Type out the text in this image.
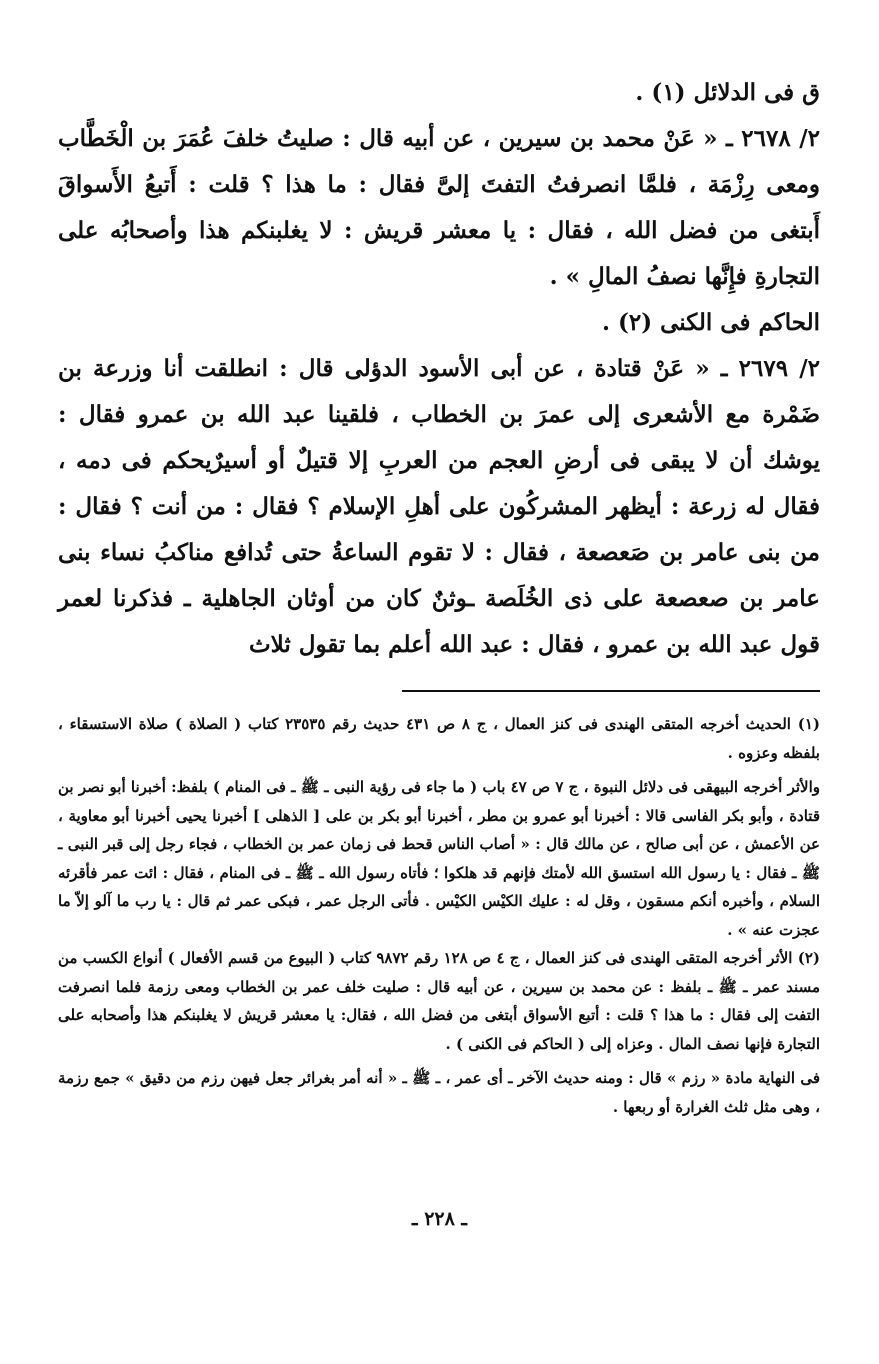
ق فى الدلائل (١) .

٢/ ٢٦٧٨ ـ « عَنْ محمد بن سيرين ، عن أبيه قال : صليتُ خلفَ عُمَرَ بن الْخَطَّاب ومعى رِزْمَة ، فلمَّا انصرفتُ التفتَ إلىَّ فقال : ما هذا ؟ قلت : أَتبعُ الأَسواقَ أَبتغى من فضل الله ، فقال : يا معشر قريش : لا يغلبنكم هذا وأصحابُه على التجارةِ فإِنَّها نصفُ المالِ » .

الحاكم فى الكنى (٢) .

٢/ ٢٦٧٩ ـ « عَنْ قتادة ، عن أبى الأسود الدؤلى قال : انطلقت أنا وزرعة بن ضَمْرة مع الأشعرى إلى عمرَ بن الخطاب ، فلقينا عبد الله بن عمرو فقال : يوشك أن لا يبقى فى أرضِ العجم من العربِ إلا قتيلٌ أو أسيرٌيحكم فى دمه ، فقال له زرعة : أيظهر المشركُون على أهلِ الإسلام ؟ فقال : من أنت ؟ فقال : من بنى عامر بن صَعصعة ، فقال : لا تقوم الساعةُ حتى تُدافع مناكبُ نساء بنى عامر بن صعصعة على ذى الخُلَصة ـوثنٌ كان من أوثان الجاهلية ـ فذكرنا لعمر قول عبد الله بن عمرو ، فقال : عبد الله أعلم بما تقول ثلاث

(١) الحديث أخرجه المتقى الهندى فى كنز العمال ، ج ٨ ص ٤٣١ حديث رقم ٢٣٥٣٥ كتاب ( الصلاة ) صلاة الاستسقاء ، بلفظه وعزوه .

والأثر أخرجه البيهقى فى دلائل النبوة ، ج ٧ ص ٤٧ باب ( ما جاء فى رؤية النبى ـ ﷺ ـ فى المنام ) بلفظ: أخبرنا أبو نصر بن قتادة ، وأبو بكر الفاسى قالا : أخبرنا أبو عمرو بن مطر ، أخبرنا أبو بكر بن على [ الذهلى ] أخبرنا يحيى أخبرنا أبو معاوية ، عن الأعمش ، عن أبى صالح ، عن مالك قال : « أصاب الناس قحط فى زمان عمر بن الخطاب ، فجاء رجل إلى قبر النبى ـ ﷺ ـ فقال : يا رسول الله استسق الله لأمتك فإنهم قد هلكوا ؛ فأتاه رسول الله ـ ﷺ ـ فى المنام ، فقال : ائت عمر فأقرئه السلام ، وأخبره أنكم مسقون ، وقل له : عليك الكيْس الكيْس . فأتى الرجل عمر ، فبكى عمر ثم قال : يا رب ما آلو إلاّ ما عجزت عنه » .

(٢) الأثر أخرجه المتقى الهندى فى كنز العمال ، ج ٤ ص ١٢٨ رقم ٩٨٧٢ كتاب ( البيوع من قسم الأفعال ) أنواع الكسب من مسند عمر ـ ﷺ ـ بلفظ : عن محمد بن سيرين ، عن أبيه قال : صليت خلف عمر بن الخطاب ومعى رزمة فلما انصرفت التفت إلى فقال : ما هذا ؟ قلت : أتبع الأسواق أبتغى من فضل الله ، فقال: يا معشر قريش لا يغلبنكم هذا وأصحابه على التجارة فإنها نصف المال . وعزاه إلى ( الحاكم فى الكنى ) .

فى النهاية مادة « رزم » قال : ومنه حديث الآخر ـ أى عمر ، ـ ﷺ ـ « أنه أمر بغرائر جعل فيهن رزم من دقيق » جمع رزمة ، وهى مثل ثلث الغرارة أو ربعها .

ـ ٢٢٨ ـ
